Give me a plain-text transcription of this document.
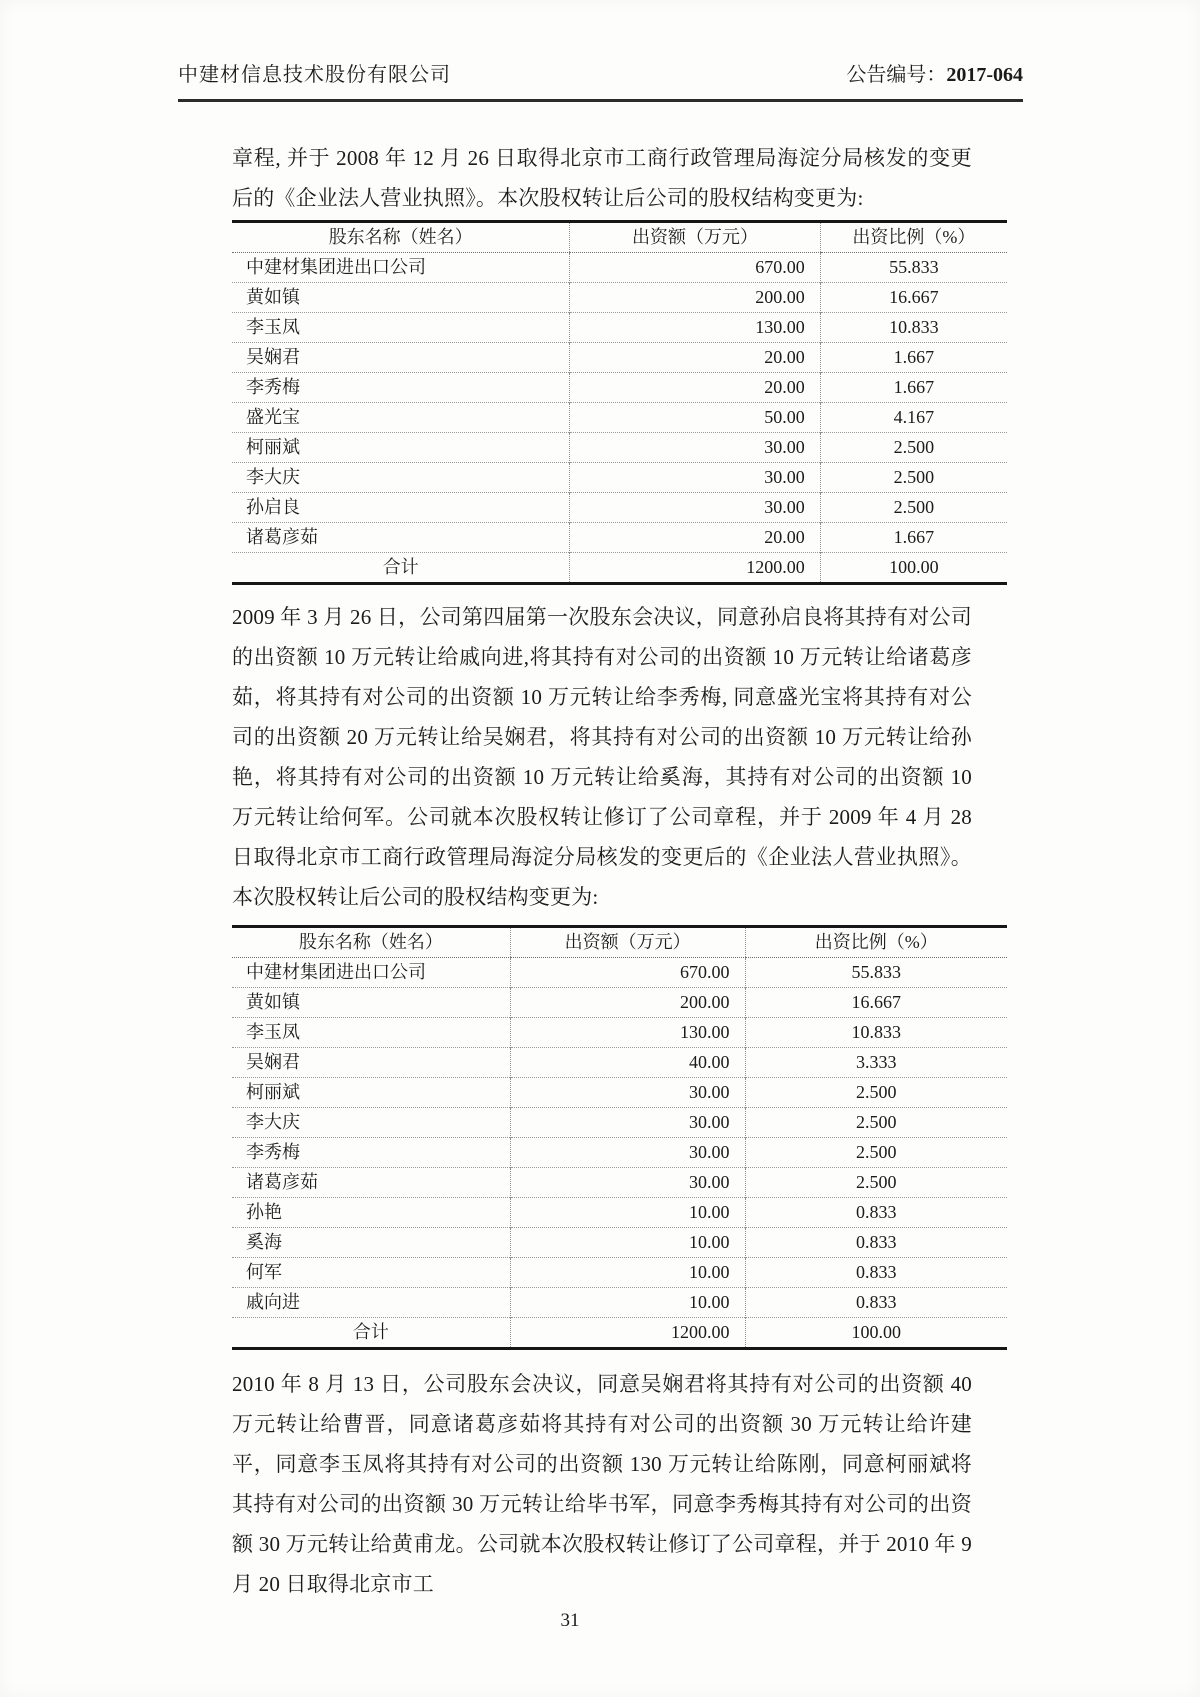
中建材信息技术股份有限公司	公告编号：2017-064

章程, 并于 2008 年 12 月 26 日取得北京市工商行政管理局海淀分局核发的变更后的《企业法人营业执照》。本次股权转让后公司的股权结构变更为:

股东名称（姓名）	出资额（万元）	出资比例（%）
中建材集团进出口公司	670.00	55.833
黄如镇	200.00	16.667
李玉凤	130.00	10.833
吴娴君	20.00	1.667
李秀梅	20.00	1.667
盛光宝	50.00	4.167
柯丽斌	30.00	2.500
李大庆	30.00	2.500
孙启良	30.00	2.500
诸葛彦茹	20.00	1.667
合计	1200.00	100.00

2009 年 3 月 26 日，公司第四届第一次股东会决议，同意孙启良将其持有对公司的出资额 10 万元转让给戚向进,将其持有对公司的出资额 10 万元转让给诸葛彦茹，将其持有对公司的出资额 10 万元转让给李秀梅, 同意盛光宝将其持有对公司的出资额 20 万元转让给吴娴君，将其持有对公司的出资额 10 万元转让给孙艳，将其持有对公司的出资额 10 万元转让给奚海，其持有对公司的出资额 10 万元转让给何军。公司就本次股权转让修订了公司章程，并于 2009 年 4 月 28 日取得北京市工商行政管理局海淀分局核发的变更后的《企业法人营业执照》。本次股权转让后公司的股权结构变更为:

股东名称（姓名）	出资额（万元）	出资比例（%）
中建材集团进出口公司	670.00	55.833
黄如镇	200.00	16.667
李玉凤	130.00	10.833
吴娴君	40.00	3.333
柯丽斌	30.00	2.500
李大庆	30.00	2.500
李秀梅	30.00	2.500
诸葛彦茹	30.00	2.500
孙艳	10.00	0.833
奚海	10.00	0.833
何军	10.00	0.833
戚向进	10.00	0.833
合计	1200.00	100.00

2010 年 8 月 13 日，公司股东会决议，同意吴娴君将其持有对公司的出资额 40 万元转让给曹晋，同意诸葛彦茹将其持有对公司的出资额 30 万元转让给许建平，同意李玉凤将其持有对公司的出资额 130 万元转让给陈刚，同意柯丽斌将其持有对公司的出资额 30 万元转让给毕书军，同意李秀梅其持有对公司的出资额 30 万元转让给黄甫龙。公司就本次股权转让修订了公司章程，并于 2010 年 9 月 20 日取得北京市工

31
